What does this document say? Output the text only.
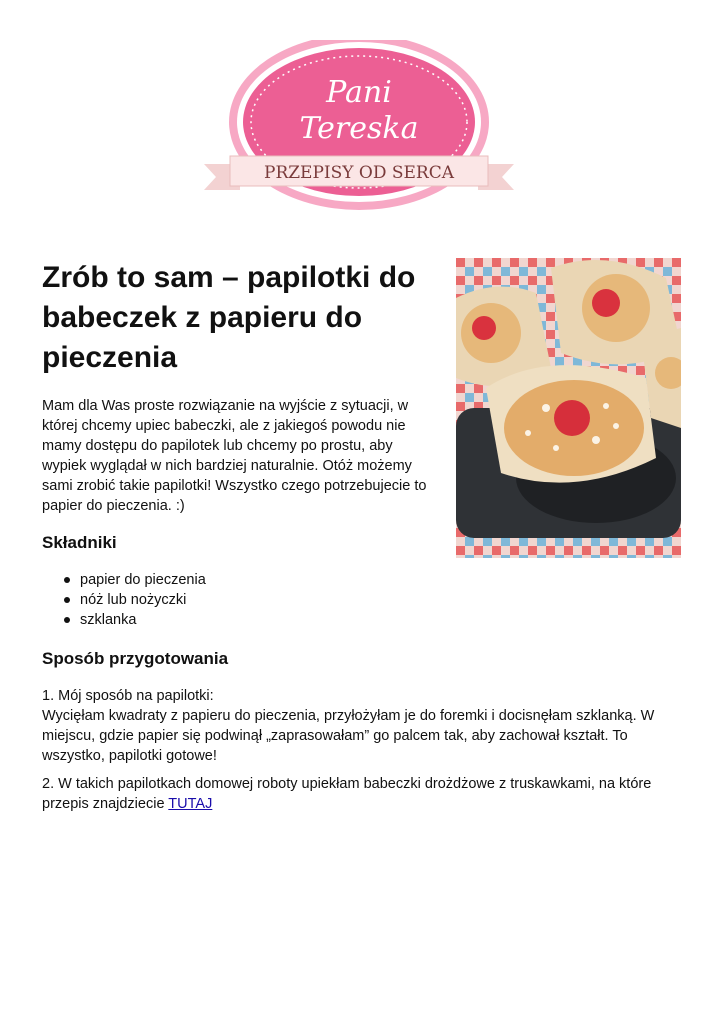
Pani
Tereska
PRZEPISY OD SERCA
Zrób to sam – papilotki do babeczek z papieru do pieczenia

Mam dla Was proste rozwiązanie na wyjście z sytuacji, w której chcemy upiec babeczki, ale z jakiegoś powodu nie mamy dostępu do papilotek lub chcemy po prostu, aby wypiek wyglądał w nich bardziej naturalnie. Otóż możemy sami zrobić takie papilotki! Wszystko czego potrzebujecie to papier do pieczenia. :)

Składniki
papier do pieczenia
nóż lub nożyczki
szklanka
Sposób przygotowania

1. Mój sposób na papilotki:
Wycięłam kwadraty z papieru do pieczenia, przyłożyłam je do foremki i docisnęłam szklanką. W miejscu, gdzie papier się podwinął „zaprasowałam” go palcem tak, aby zachował kształt. To wszystko, papilotki gotowe!

2. W takich papilotkach domowej roboty upiekłam babeczki drożdżowe z truskawkami, na które przepis znajdziecie TUTAJ
